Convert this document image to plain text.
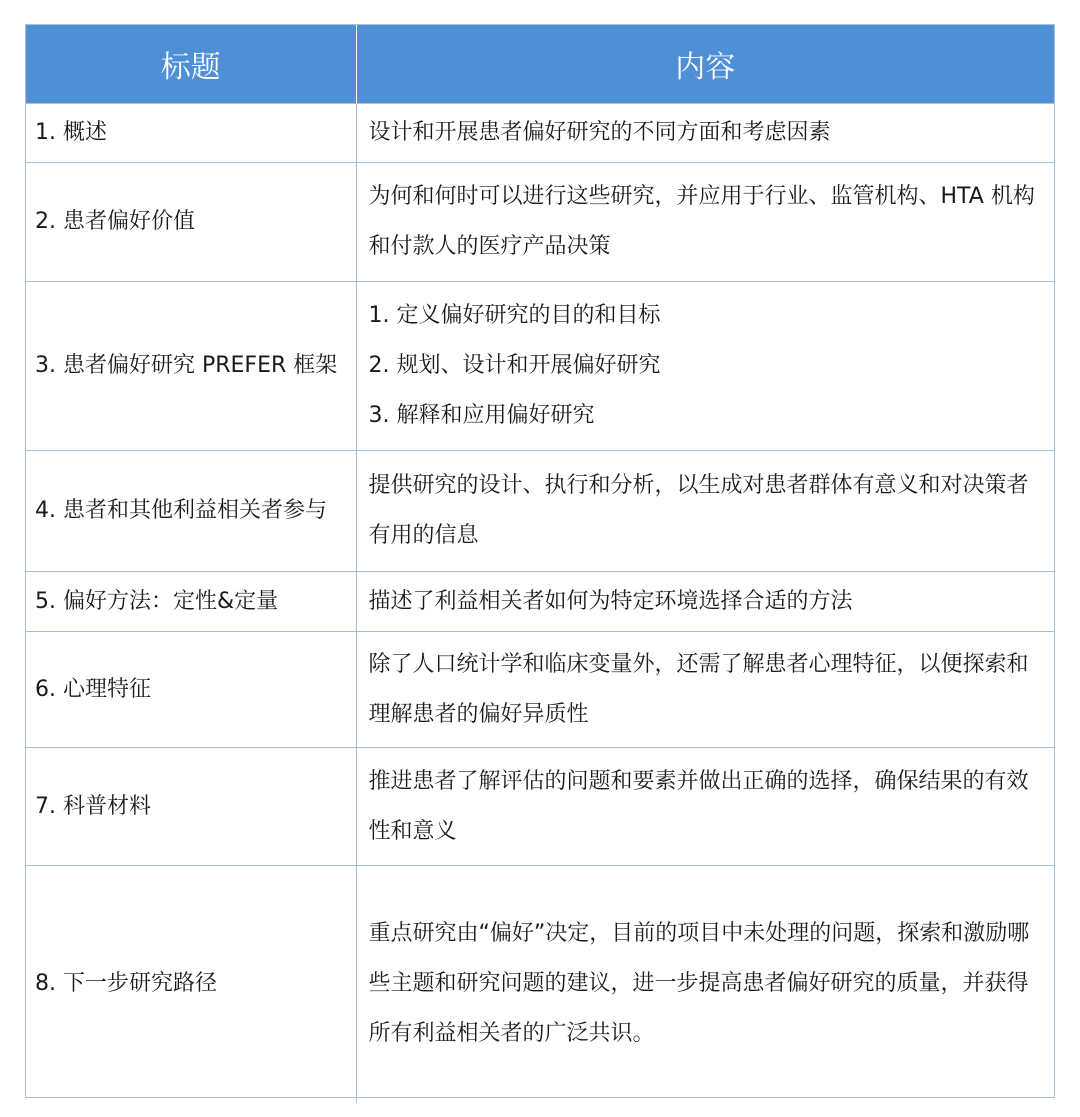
标题	内容
1. 概述	设计和开展患者偏好研究的不同方面和考虑因素

2. 患者偏好价值	为何和何时可以进行这些研究，并应用于行业、监管机构、HTA 机构和付款人的医疗产品决策

3. 患者偏好研究 PREFER 框架	1. 定义偏好研究的目的和目标
2. 规划、设计和开展偏好研究
3. 解释和应用偏好研究

4. 患者和其他利益相关者参与	提供研究的设计、执行和分析，以生成对患者群体有意义和对决策者有用的信息

5. 偏好方法：定性&定量	描述了利益相关者如何为特定环境选择合适的方法

6. 心理特征	除了人口统计学和临床变量外，还需了解患者心理特征，以便探索和理解患者的偏好异质性

7. 科普材料	推进患者了解评估的问题和要素并做出正确的选择，确保结果的有效性和意义

8. 下一步研究路径	重点研究由“偏好”决定，目前的项目中未处理的问题，探索和激励哪些主题和研究问题的建议，进一步提高患者偏好研究的质量，并获得所有利益相关者的广泛共识。
